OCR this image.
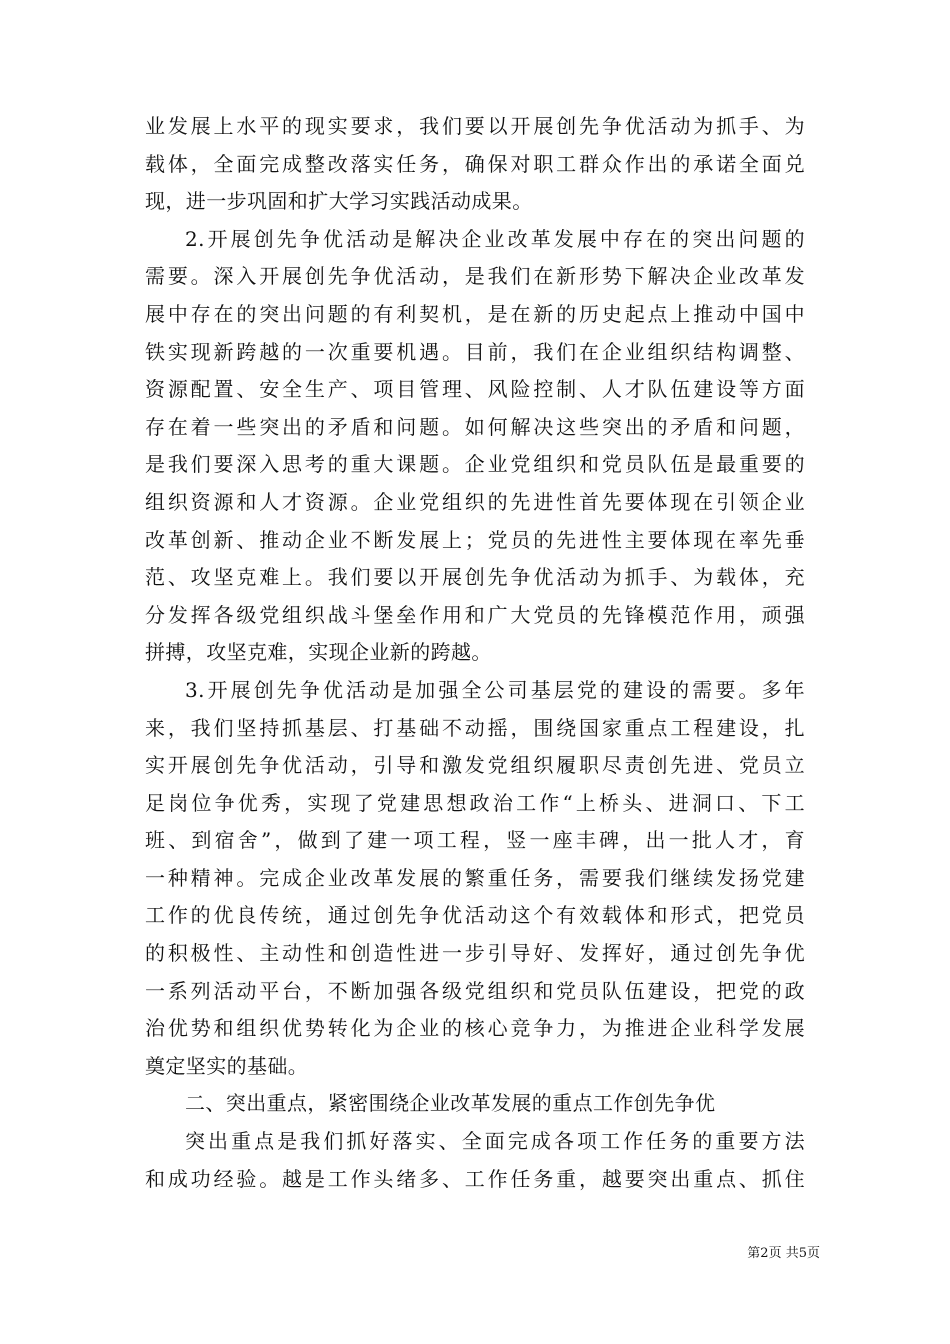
业发展上水平的现实要求，我们要以开展创先争优活动为抓手、为
载体，全面完成整改落实任务，确保对职工群众作出的承诺全面兑
现，进一步巩固和扩大学习实践活动成果。
2.开展创先争优活动是解决企业改革发展中存在的突出问题的
需要。深入开展创先争优活动，是我们在新形势下解决企业改革发
展中存在的突出问题的有利契机，是在新的历史起点上推动中国中
铁实现新跨越的一次重要机遇。目前，我们在企业组织结构调整、
资源配置、安全生产、项目管理、风险控制、人才队伍建设等方面
存在着一些突出的矛盾和问题。如何解决这些突出的矛盾和问题，
是我们要深入思考的重大课题。企业党组织和党员队伍是最重要的
组织资源和人才资源。企业党组织的先进性首先要体现在引领企业
改革创新、推动企业不断发展上；党员的先进性主要体现在率先垂
范、攻坚克难上。我们要以开展创先争优活动为抓手、为载体，充
分发挥各级党组织战斗堡垒作用和广大党员的先锋模范作用，顽强
拼搏，攻坚克难，实现企业新的跨越。
3.开展创先争优活动是加强全公司基层党的建设的需要。多年
来，我们坚持抓基层、打基础不动摇，围绕国家重点工程建设，扎
实开展创先争优活动，引导和激发党组织履职尽责创先进、党员立
足岗位争优秀，实现了党建思想政治工作“上桥头、进洞口、下工
班、到宿舍”，做到了建一项工程，竖一座丰碑，出一批人才，育
一种精神。完成企业改革发展的繁重任务，需要我们继续发扬党建
工作的优良传统，通过创先争优活动这个有效载体和形式，把党员
的积极性、主动性和创造性进一步引导好、发挥好，通过创先争优
一系列活动平台，不断加强各级党组织和党员队伍建设，把党的政
治优势和组织优势转化为企业的核心竞争力，为推进企业科学发展
奠定坚实的基础。
二、突出重点，紧密围绕企业改革发展的重点工作创先争优
突出重点是我们抓好落实、全面完成各项工作任务的重要方法
和成功经验。越是工作头绪多、工作任务重，越要突出重点、抓住
第2页 共5页
